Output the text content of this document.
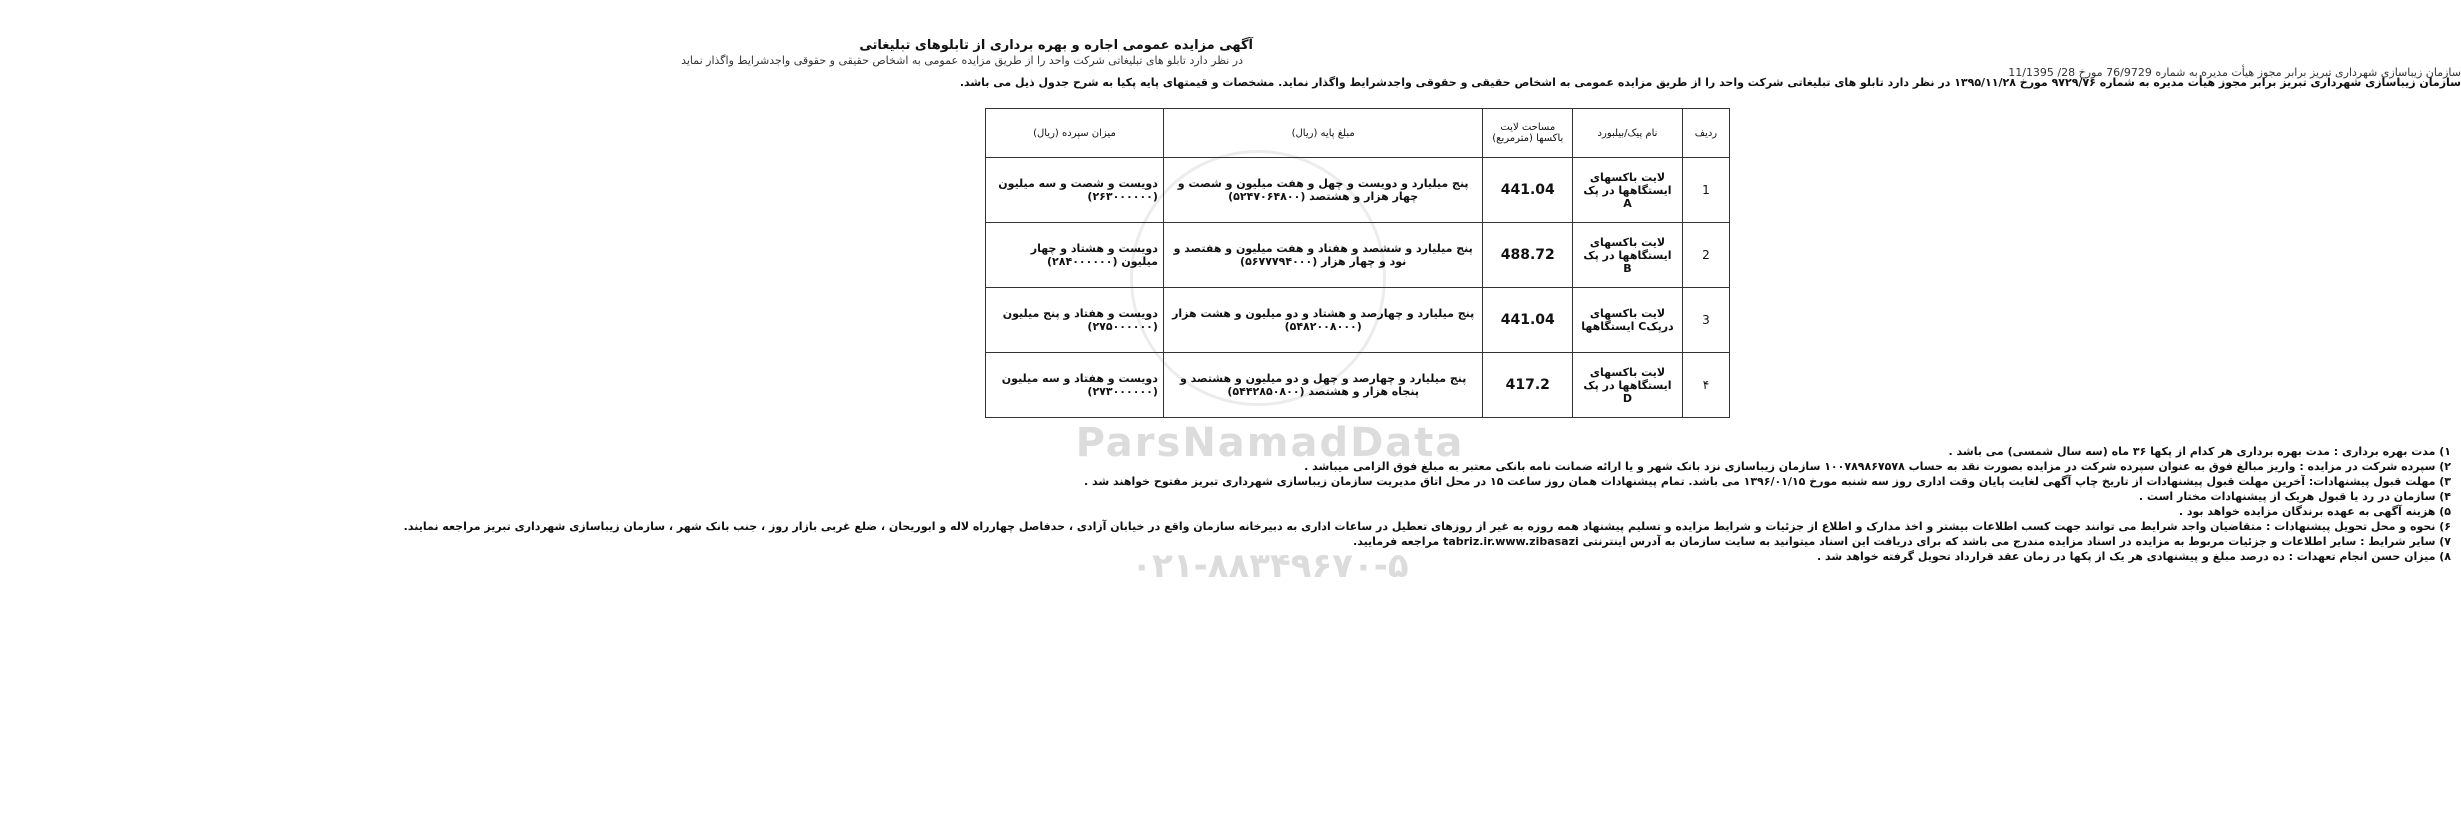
ParsNamadData
۰۲۱-۸۸۳۴۹۶۷۰-۵
آگهی مزایده عمومی اجاره و بهره برداری از تابلوهای تبلیغاتی
در نظر دارد تابلو های تبلیغاتی شرکت واحد را از طریق مزایده عمومی به اشخاص حقیقی و حقوقی واجدشرایط واگذار نماید
سازمان زیباسازی شهرداری تبریز برابر مجوز هیأت مدیره به شماره 76/9729 مورخ 28/ 11/1395
سازمان زیباسازی شهرداری تبریز برابر مجوز هیأت مدیره به شماره ۹۷۲۹/۷۶ مورخ ۱۳۹۵/۱۱/۲۸ در نظر دارد تابلو های تبلیغاتی شرکت واحد را از طریق مزایده عمومی به اشخاص حقیقی و حقوقی واجدشرایط واگذار نماید. مشخصات و قیمتهای پایه پکیا به شرح جدول ذیل می باشد.
ردیف	نام پیک/بیلبورد	مساحت لایت باکسها (مترمربع)	مبلغ پایه (ریال)	میزان سپرده (ریال)
1	لایت باکسهای ایستگاهها در پک A	441.04	پنج میلیارد و دویست و چهل و هفت میلیون و شصت و چهار هزار و هشتصد (۵۲۴۷۰۶۴۸۰۰)	دویست و شصت و سه میلیون (۲۶۳۰۰۰۰۰۰)
2	لایت باکسهای ایستگاهها در پک B	488.72	پنج میلیارد و ششصد و هفتاد و هفت میلیون و هفتصد و نود و چهار هزار (۵۶۷۷۷۹۴۰۰۰)	دویست و هشتاد و چهار میلیون (۲۸۴۰۰۰۰۰۰)
3	لایت باکسهای درپکC ایستگاهها	441.04	پنج میلیارد و چهارصد و هشتاد و دو میلیون و هشت هزار (۵۴۸۲۰۰۸۰۰۰)	دویست و هفتاد و پنج میلیون (۲۷۵۰۰۰۰۰۰)
۴	لایت باکسهای ایستگاهها در پک D	417.2	پنج میلیارد و چهارصد و چهل و دو میلیون و هشتصد و پنجاه هزار و هشتصد (۵۴۴۲۸۵۰۸۰۰)	دویست و هفتاد و سه میلیون (۲۷۳۰۰۰۰۰۰)
۱) مدت بهره برداری : مدت بهره برداری هر کدام از پکها ۳۶ ماه (سه سال شمسی) می باشد .
۲) سپرده شرکت در مزایده : واریز مبالغ فوق به عنوان سپرده شرکت در مزایده بصورت نقد به حساب ۱۰۰۷۸۹۸۶۷۵۷۸ سازمان زیباسازی نزد بانک شهر و یا ارائه ضمانت نامه بانکی معتبر به مبلغ فوق الزامی میباشد .
۳) مهلت قبول پیشنهادات: آخرین مهلت قبول پیشنهادات از تاریخ چاپ آگهی لغایت پایان وقت اداری روز سه شنبه مورخ ۱۳۹۶/۰۱/۱۵ می باشد. تمام پیشنهادات همان روز ساعت ۱۵ در محل اتاق مدیریت سازمان زیباسازی شهرداری تبریز مفتوح خواهند شد .
۴) سازمان در رد یا قبول هریک از پیشنهادات مختار است .
۵) هزینه آگهی به عهده برندگان مزایده خواهد بود .
۶) نحوه و محل تحویل پیشنهادات : متقاضیان واجد شرایط می توانند جهت کسب اطلاعات بیشتر و اخذ مدارک و اطلاع از جزئیات و شرایط مزایده و تسلیم پیشنهاد همه روزه به غیر از روزهای تعطیل در ساعات اداری به دبیرخانه سازمان واقع در خیابان آزادی ، حدفاصل چهارراه لاله و ابوریحان ، ضلع غربی بازار روز ، جنب بانک شهر ، سازمان زیباسازی شهرداری تبریز مراجعه نمایند.
۷) سایر شرایط : سایر اطلاعات و جزئیات مربوط به مزایده در اسناد مزایده مندرج می باشد که برای دریافت این اسناد میتوانید به سایت سازمان به آدرس اینترنتی tabriz.ir.www.zibasazi مراجعه فرمایید.
۸) میزان حسن انجام تعهدات : ده درصد مبلغ و پیشنهادی هر یک از پکها در زمان عقد قرارداد تحویل گرفته خواهد شد .
